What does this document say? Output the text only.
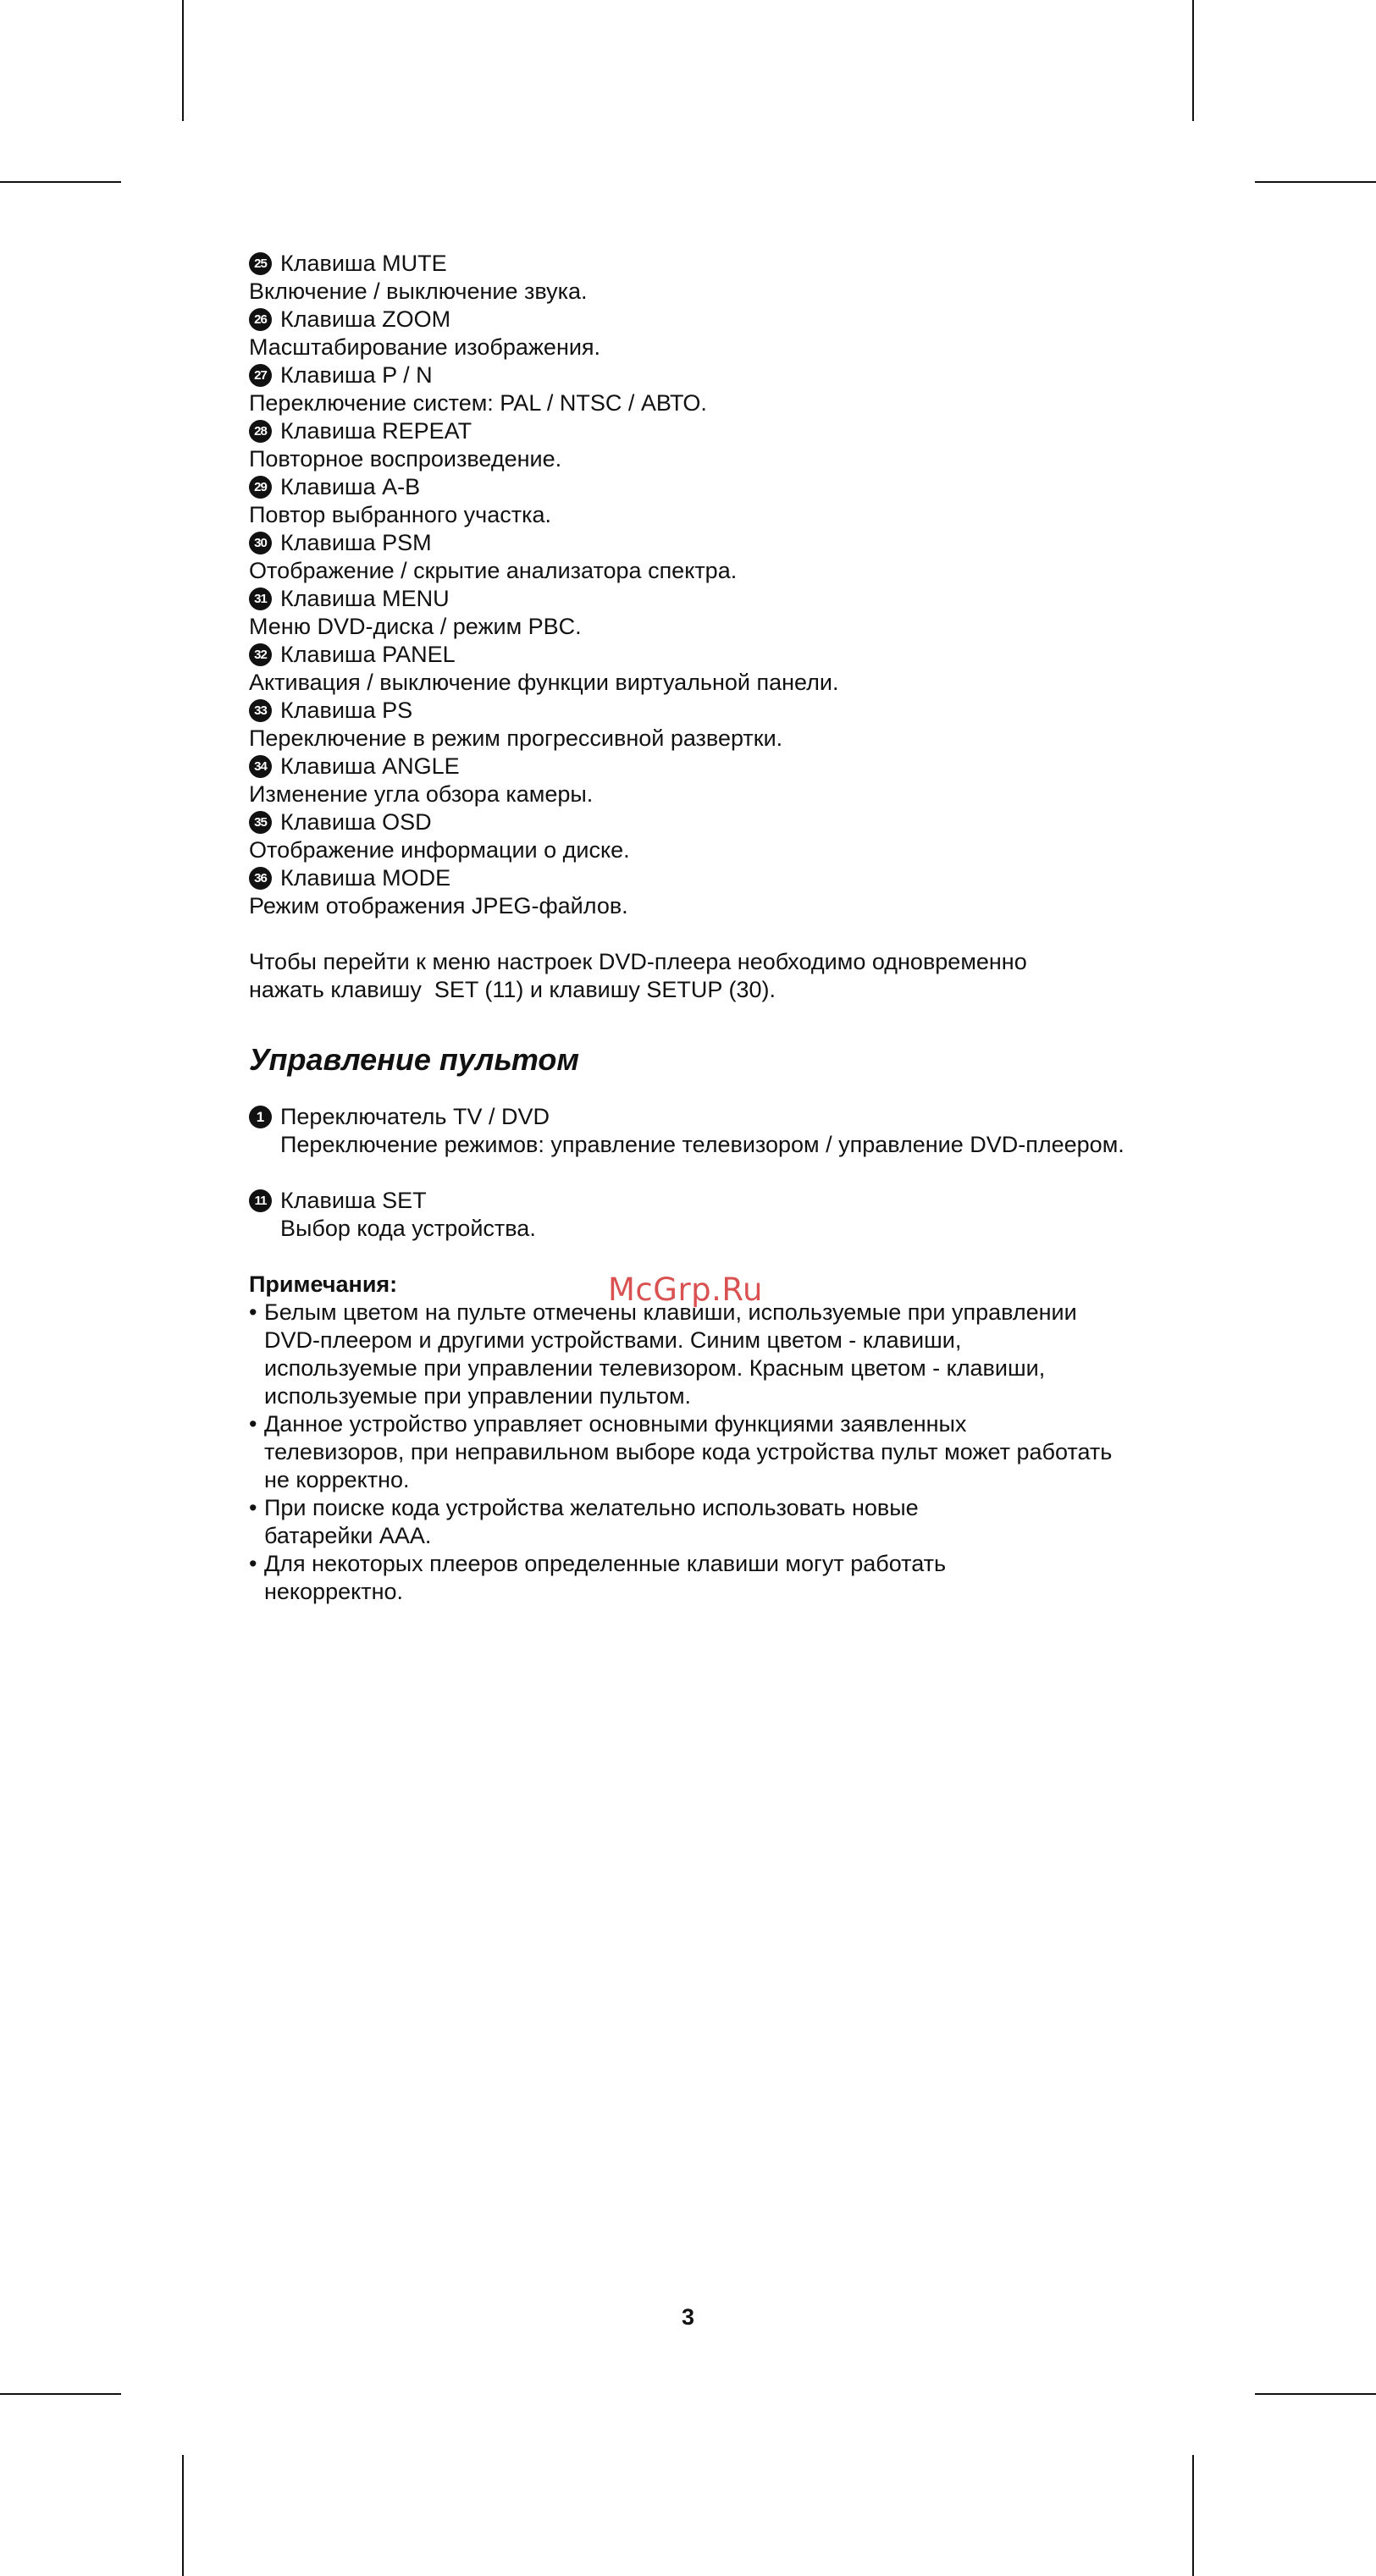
25 Клавиша MUTE
Включение / выключение звука.
26 Клавиша ZOOM
Масштабирование изображения.
27 Клавиша P / N
Переключение систем: PAL / NTSC / АВТО.
28 Клавиша REPEAT
Повторное воспроизведение.
29 Клавиша A-B
Повтор выбранного участка.
30 Клавиша PSM
Отображение / скрытие анализатора спектра.
31 Клавиша MENU
Меню DVD-диска / режим PBC.
32 Клавиша PANEL
Активация / выключение функции виртуальной панели.
33 Клавиша PS
Переключение в режим прогрессивной развертки.
34 Клавиша ANGLE
Изменение угла обзора камеры.
35 Клавиша OSD
Отображение информации о диске.
36 Клавиша MODE
Режим отображения JPEG-файлов.
Чтобы перейти к меню настроек DVD-плеера необходимо одновременно
нажать клавишу  SET (11) и клавишу SETUP (30).
Управление пультом
1 Переключатель TV / DVD
Переключение режимов: управление телевизором / управление DVD-плеером.
11 Клавиша SET
Выбор кода устройства.
Примечания:
• Белым цветом на пульте отмечены клавиши, используемые при управлении
DVD-плеером и другими устройствами. Синим цветом - клавиши,
используемые при управлении телевизором. Красным цветом - клавиши,
используемые при управлении пультом.
• Данное устройство управляет основными функциями заявленных
телевизоров, при неправильном выборе кода устройства пульт может работать
не корректно.
• При поиске кода устройства желательно использовать новые
батарейки AAA.
• Для некоторых плееров определенные клавиши могут работать
некорректно.
McGrp.Ru
3
